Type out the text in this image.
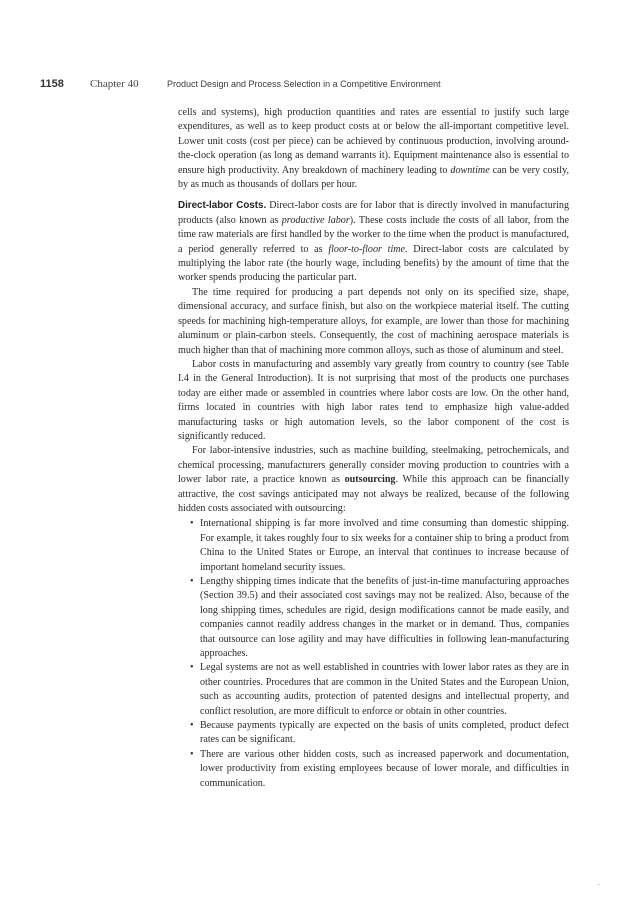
1158 Chapter 40	Product Design and Process Selection in a Competitive Environment

cells and systems), high production quantities and rates are essential to justify such large expenditures, as well as to keep product costs at or below the all-important competitive level. Lower unit costs (cost per piece) can be achieved by continuous production, involving around-the-clock operation (as long as demand warrants it). Equipment maintenance also is essential to ensure high productivity. Any breakdown of machinery leading to downtime can be very costly, by as much as thousands of dollars per hour.

Direct-labor Costs. Direct-labor costs are for labor that is directly involved in manufacturing products (also known as productive labor). These costs include the costs of all labor, from the time raw materials are first handled by the worker to the time when the product is manufactured, a period generally referred to as floor-to-floor time. Direct-labor costs are calculated by multiplying the labor rate (the hourly wage, including benefits) by the amount of time that the worker spends producing the particular part.

The time required for producing a part depends not only on its specified size, shape, dimensional accuracy, and surface finish, but also on the workpiece material itself. The cutting speeds for machining high-temperature alloys, for example, are lower than those for machining aluminum or plain-carbon steels. Consequently, the cost of machining aerospace materials is much higher than that of machining more common alloys, such as those of aluminum and steel.

Labor costs in manufacturing and assembly vary greatly from country to country (see Table I.4 in the General Introduction). It is not surprising that most of the products one purchases today are either made or assembled in countries where labor costs are low. On the other hand, firms located in countries with high labor rates tend to emphasize high value-added manufacturing tasks or high automation levels, so the labor component of the cost is significantly reduced.

For labor-intensive industries, such as machine building, steelmaking, petrochemicals, and chemical processing, manufacturers generally consider moving production to countries with a lower labor rate, a practice known as outsourcing. While this approach can be financially attractive, the cost savings anticipated may not always be realized, because of the following hidden costs associated with outsourcing:

• International shipping is far more involved and time consuming than domestic shipping. For example, it takes roughly four to six weeks for a container ship to bring a product from China to the United States or Europe, an interval that continues to increase because of important homeland security issues.
• Lengthy shipping times indicate that the benefits of just-in-time manufacturing approaches (Section 39.5) and their associated cost savings may not be realized. Also, because of the long shipping times, schedules are rigid, design modifications cannot be made easily, and companies cannot readily address changes in the market or in demand. Thus, companies that outsource can lose agility and may have difficulties in following lean-manufacturing approaches.
• Legal systems are not as well established in countries with lower labor rates as they are in other countries. Procedures that are common in the United States and the European Union, such as accounting audits, protection of patented designs and intellectual property, and conflict resolution, are more difficult to enforce or obtain in other countries.
• Because payments typically are expected on the basis of units completed, product defect rates can be significant.
• There are various other hidden costs, such as increased paperwork and documentation, lower productivity from existing employees because of lower morale, and difficulties in communication.
.
